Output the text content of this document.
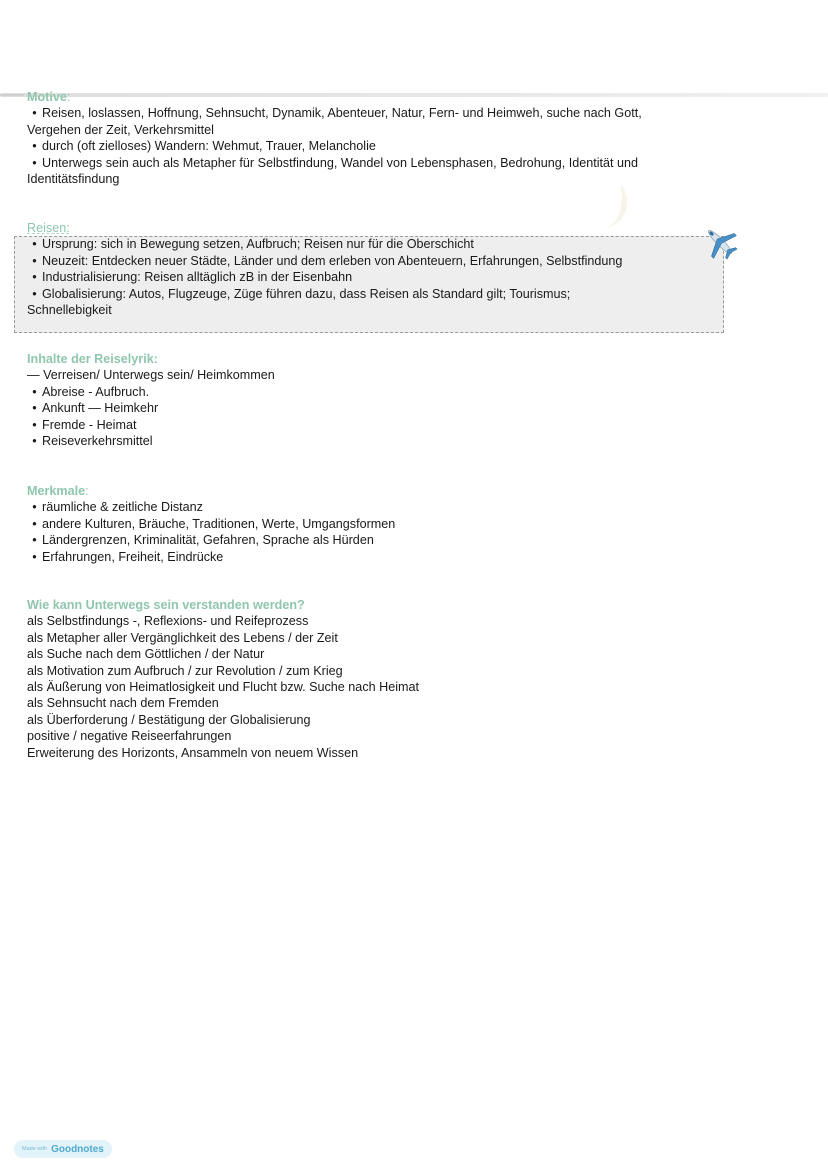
Motive:
• Reisen, loslassen, Hoffnung, Sehnsucht, Dynamik, Abenteuer, Natur, Fern- und Heimweh, suche nach Gott,
Vergehen der Zeit, Verkehrsmittel
• durch (oft zielloses) Wandern: Wehmut, Trauer, Melancholie
• Unterwegs sein auch als Metapher für Selbstfindung, Wandel von Lebensphasen, Bedrohung, Identität und
Identitätsfindung
Reisen:
• Ursprung: sich in Bewegung setzen, Aufbruch; Reisen nur für die Oberschicht
• Neuzeit: Entdecken neuer Städte, Länder und dem erleben von Abenteuern, Erfahrungen, Selbstfindung
• Industrialisierung: Reisen alltäglich zB in der Eisenbahn
• Globalisierung: Autos, Flugzeuge, Züge führen dazu, dass Reisen als Standard gilt; Tourismus;
Schnellebigkeit
Inhalte der Reiselyrik:
— Verreisen/ Unterwegs sein/ Heimkommen
• Abreise - Aufbruch.
• Ankunft — Heimkehr
• Fremde - Heimat
• Reiseverkehrsmittel
Merkmale:
• räumliche & zeitliche Distanz
• andere Kulturen, Bräuche, Traditionen, Werte, Umgangsformen
• Ländergrenzen, Kriminalität, Gefahren, Sprache als Hürden
• Erfahrungen, Freiheit, Eindrücke
Wie kann Unterwegs sein verstanden werden?
als Selbstfindungs -, Reflexions- und Reifeprozess
als Metapher aller Vergänglichkeit des Lebens / der Zeit
als Suche nach dem Göttlichen / der Natur
als Motivation zum Aufbruch / zur Revolution / zum Krieg
als Äußerung von Heimatlosigkeit und Flucht bzw. Suche nach Heimat
als Sehnsucht nach dem Fremden
als Überforderung / Bestätigung der Globalisierung
positive / negative Reiseerfahrungen
Erweiterung des Horizonts, Ansammeln von neuem Wissen
Made with Goodnotes
